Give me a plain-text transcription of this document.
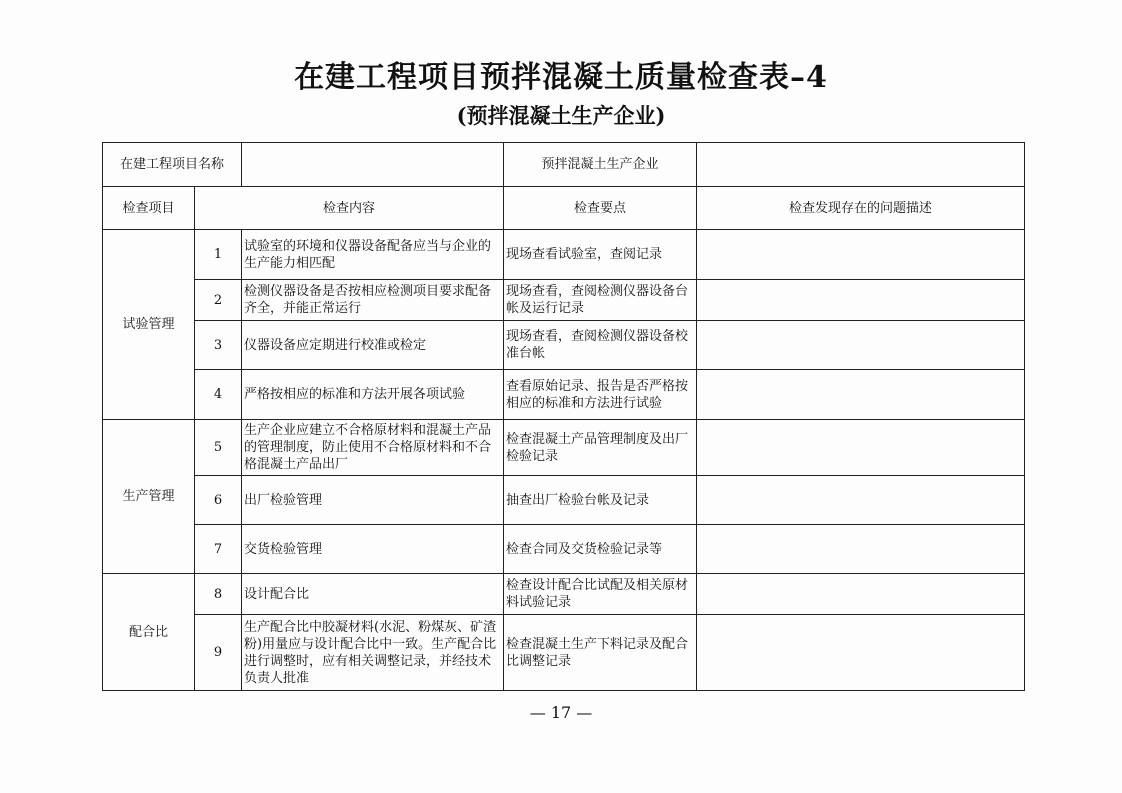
在建工程项目预拌混凝土质量检查表–4
(预拌混凝土生产企业)
在建工程项目名称			预拌混凝土生产企业	
检查项目	检查内容		检查要点	检查发现存在的问题描述
试验管理	1	试验室的环境和仪器设备配备应当与企业的生产能力相匹配	现场查看试验室，查阅记录	
	2	检测仪器设备是否按相应检测项目要求配备齐全，并能正常运行	现场查看，查阅检测仪器设备台帐及运行记录	
	3	仪器设备应定期进行校准或检定	现场查看，查阅检测仪器设备校准台帐	
	4	严格按相应的标准和方法开展各项试验	查看原始记录、报告是否严格按相应的标准和方法进行试验	
生产管理	5	生产企业应建立不合格原材料和混凝土产品的管理制度，防止使用不合格原材料和不合格混凝土产品出厂	检查混凝土产品管理制度及出厂检验记录	
	6	出厂检验管理	抽查出厂检验台帐及记录	
	7	交货检验管理	检查合同及交货检验记录等	
配合比	8	设计配合比	检查设计配合比试配及相关原材料试验记录	
	9	生产配合比中胶凝材料(水泥、粉煤灰、矿渣粉)用量应与设计配合比中一致。生产配合比进行调整时，应有相关调整记录，并经技术负责人批准	检查混凝土生产下料记录及配合比调整记录	
— 17 —
